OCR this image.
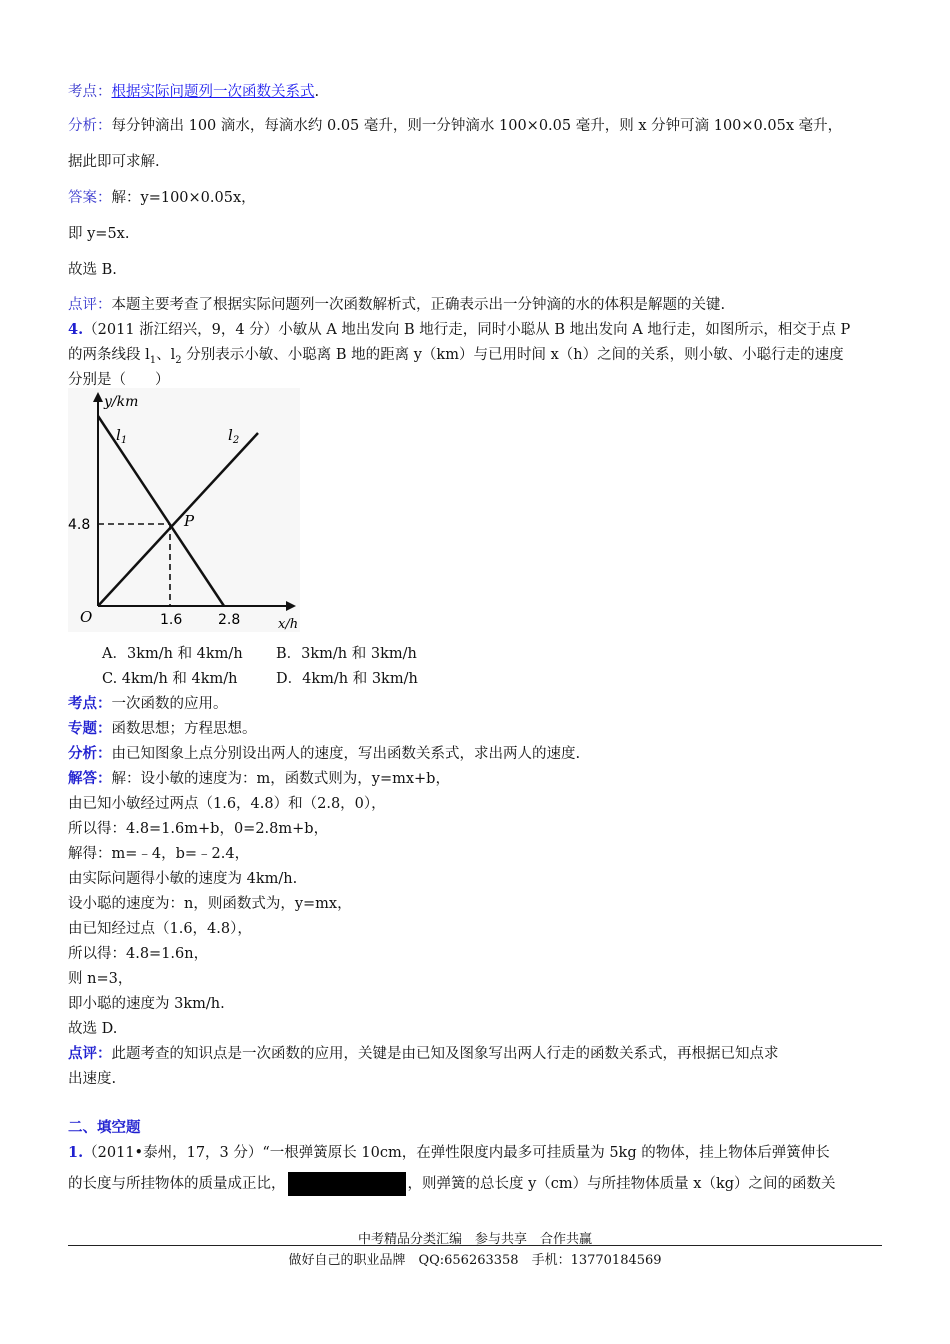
考点：根据实际问题列一次函数关系式.
分析：每分钟滴出 100 滴水，每滴水约 0.05 毫升，则一分钟滴水 100×0.05 毫升，则 x 分钟可滴 100×0.05x 毫升，
据此即可求解.
答案：解：y=100×0.05x，
即 y=5x.
故选 B.
点评：本题主要考查了根据实际问题列一次函数解析式，正确表示出一分钟滴的水的体积是解题的关键.
4.（2011 浙江绍兴，9，4 分）小敏从 A 地出发向 B 地行走，同时小聪从 B 地出发向 A 地行走，如图所示，相交于点 P
的两条线段 $l_1$、$l_2$ 分别表示小敏、小聪离 B 地的距离 y（km）与已用时间 x（h）之间的关系，则小敏、小聪行走的速度
分别是（　　）
y/km
x/h
O
4.8
1.6	2.8
$l_1$	$l_2$
P
A．3km/h 和 4km/h B．3km/h 和 3km/h
C. 4km/h 和 4km/h	D．4km/h 和 3km/h
考点：一次函数的应用。
专题：函数思想；方程思想。
分析：由已知图象上点分别设出两人的速度，写出函数关系式，求出两人的速度.
解答：解：设小敏的速度为：m，函数式则为，y=mx+b，
由已知小敏经过两点（1.6，4.8）和（2.8，0），
所以得：4.8=1.6m+b，0=2.8m+b，
解得：m=﹣4，b=﹣2.4，
由实际问题得小敏的速度为 4km/h.
设小聪的速度为：n，则函数式为，y=mx，
由已知经过点（1.6，4.8），
所以得：4.8=1.6n，
则 n=3，
即小聪的速度为 3km/h.
故选 D.
点评：此题考查的知识点是一次函数的应用，关键是由已知及图象写出两人行走的函数关系式，再根据已知点求
出速度.
二、填空题
1.（2011•泰州，17，3 分）“一根弹簧原长 10cm，在弹性限度内最多可挂质量为 5kg 的物体，挂上物体后弹簧伸长
的长度与所挂物体的质量成正比，	，则弹簧的总长度 y（cm）与所挂物体质量 x（kg）之间的函数关
中考精品分类汇编　参与共享　合作共赢
做好自己的职业品牌　QQ:656263358　手机：13770184569
